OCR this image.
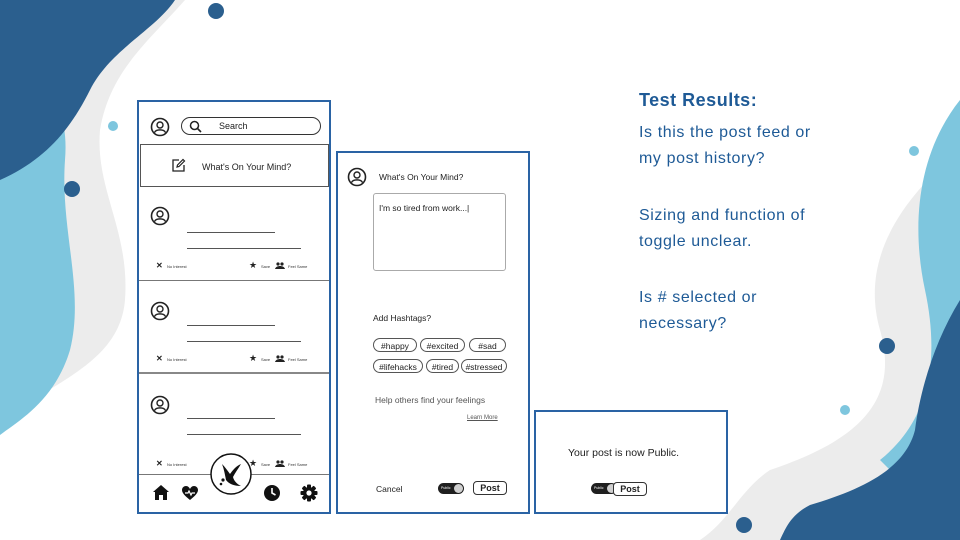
Search
What's On Your Mind?
✕ No Interest	★ Save	Feel Same
✕ No Interest	★ Save	Feel Same
✕ No Interest	★ Save	Feel Same
What's On Your Mind?
I'm so tired from work...|
Add Hashtags?
#happy	#excited	#sad
#lifehacks	#tired	#stressed
Help others find your feelings
Learn More
Cancel	Public	Post
Your post is now Public.
Public	Post
Test Results:
Is this the post feed or
my post history?
Sizing and function of
toggle unclear.
Is # selected or
necessary?
